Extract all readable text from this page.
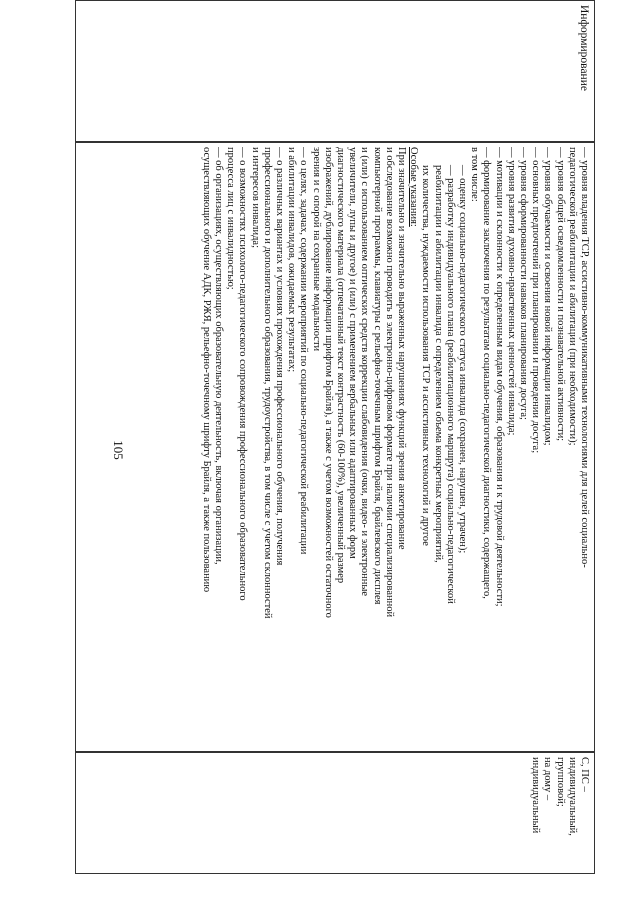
105
Информирование
— уровня владения ТСР, ассистивно-коммуникативными технологиями для целей социально-
педагогической реабилитации и абилитации (при необходимости);
— уровня общей осведомленности и познавательной активности;
— уровня обучаемости и освоения новой информации инвалидом;
— основных предпочтений при планировании и проведении досуга;
— уровня сформированности навыков планирования досуга;
— уровня развития духовно-нравственных ценностей инвалида;
— мотивации и склонности к определенным видам обучения, образования и к трудовой деятельности;
— формирование заключения по результатам социально-педагогической диагностики, содержащего,
в том числе:
— оценку социально-педагогического статуса инвалида (сохранен, нарушен, утрачен);
— разработку индивидуального плана (реабилитационного маршрута) социально-педагогической
реабилитации и абилитации инвалида с определением объема конкретных мероприятий,
их количества, нуждаемости использования ТСР и ассистивных технологий и другое
Особые указания:
При значительно и значительно выраженных нарушениях функций зрения анкетирование
и обследование возможно проводить в электронно-цифровом формате при наличии специализированной
компьютерной программы, клавиатуры с рельефно-точечным шрифтом Брайля, брайлевского дисплея
и (или) с использованием оптических средств коррекции слабовидения (очки, видео- и электронные
увеличители, лупы и другое) и (или) с применением вербальных или адаптированных форм
диагностического материала (отпечатанный текст контрастность (60-100%), увеличенный размер
изображений, дублирование информации шрифтом Брайля), а также с учетом возможностей остаточного
зрения и с опорой на сохранные модальности
— о целях, задачах, содержании мероприятий по социально-педагогической реабилитации
и абилитации инвалидов, ожидаемых результатах;
— о различных вариантах и условиях прохождения профессионального обучения, получения
профессионального и дополнительного образования, трудоустройства, в том числе с учетом склонностей
и интересов инвалида;
— о возможностях психолого-педагогического сопровождения профессионального образовательного
процесса лиц с инвалидностью;
— об организациях, осуществляющих образовательную деятельность, включая организации,
осуществляющих обучение АДК, РЖЯ, рельефно-точечному шрифту Брайля, а также пользованию
С, ПС –
индивидуальный,
групповой;
на дому –
индивидуальный
